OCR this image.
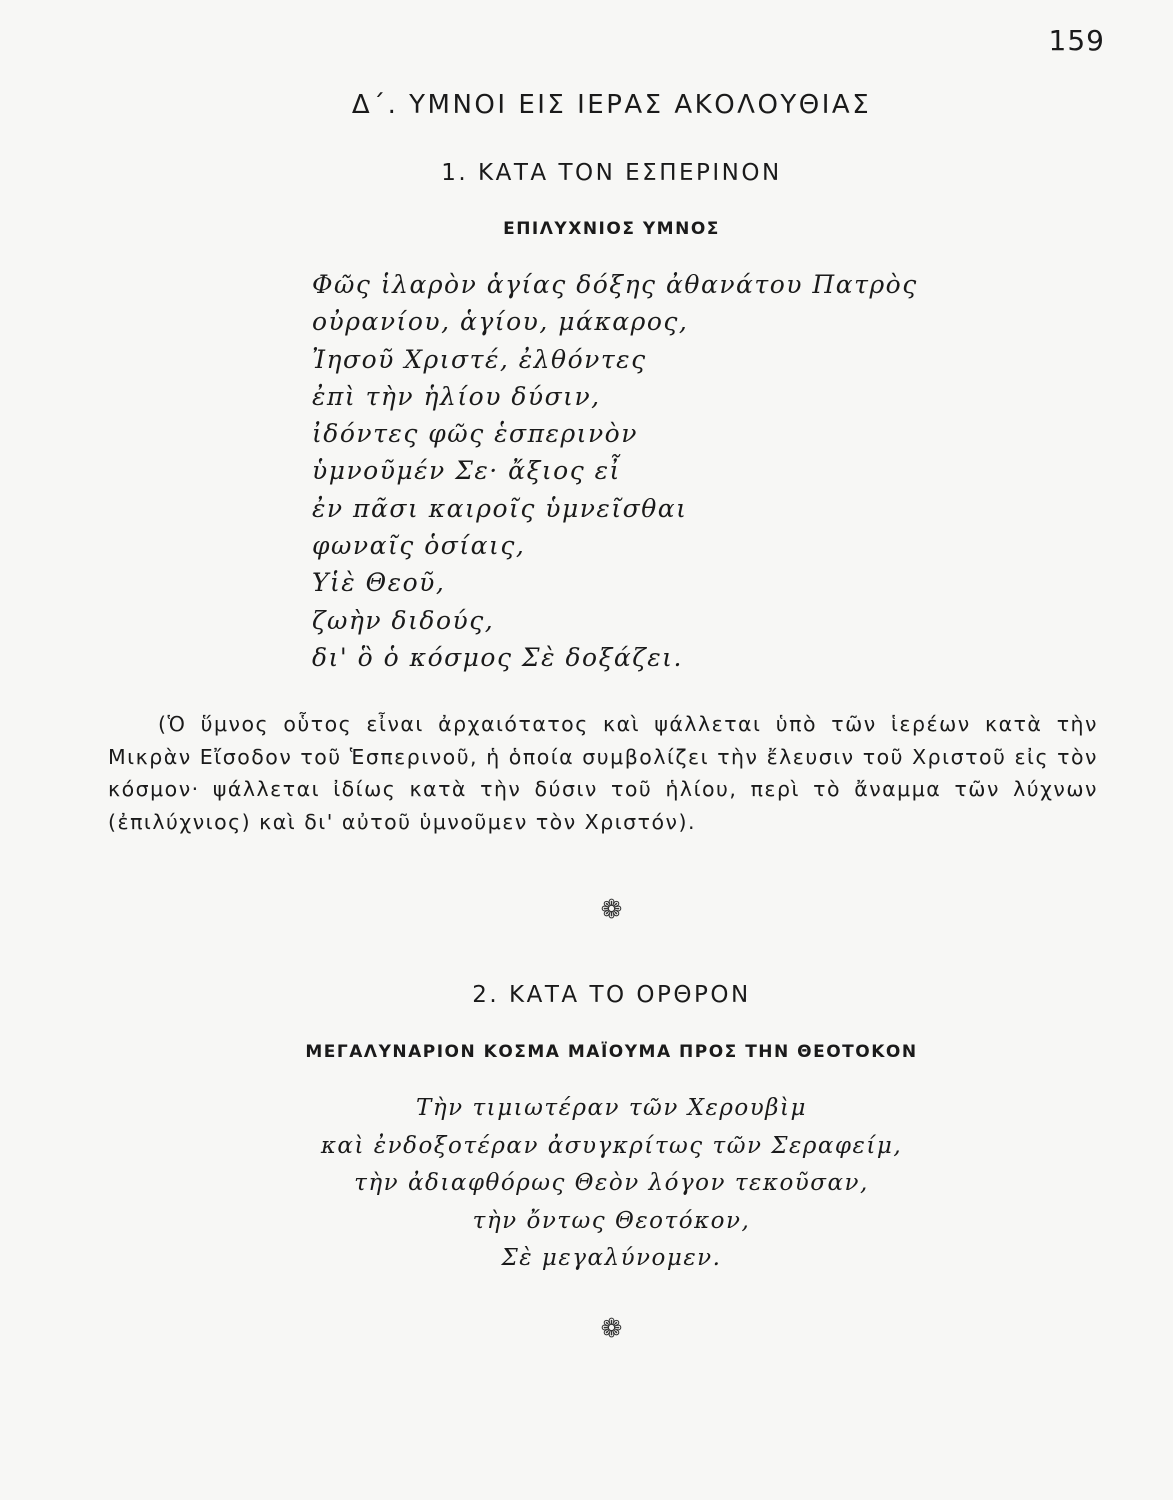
159
Δ΄. ΥΜΝΟΙ ΕΙΣ ΙΕΡΑΣ ΑΚΟΛΟΥΘΙΑΣ
1. ΚΑΤΑ ΤΟΝ ΕΣΠΕΡΙΝΟΝ
ΕΠΙΛΥΧΝΙΟΣ ΥΜΝΟΣ
Φῶς ἱλαρὸν ἁγίας δόξης ἀθανάτου Πατρὸς
οὐρανίου, ἁγίου, μάκαρος,
Ἰησοῦ Χριστέ, ἐλθόντες
ἐπὶ τὴν ἡλίου δύσιν,
ἰδόντες φῶς ἑσπερινὸν
ὑμνοῦμέν Σε· ἄξιος εἶ
ἐν πᾶσι καιροῖς ὑμνεῖσθαι
φωναῖς ὁσίαις,
Υἱὲ Θεοῦ,
ζωὴν διδούς,
δι' ὃ ὁ κόσμος Σὲ δοξάζει.
(Ὁ ὕμνος οὗτος εἶναι ἀρχαιότατος καὶ ψάλλεται ὑπὸ τῶν ἱερέων κατὰ τὴν Μικρὰν Εἴσοδον τοῦ Ἑσπερινοῦ, ἡ ὁποία συμβολίζει τὴν ἔλευσιν τοῦ Χριστοῦ εἰς τὸν κόσμον· ψάλλεται ἰδίως κατὰ τὴν δύσιν τοῦ ἡλίου, περὶ τὸ ἄναμμα τῶν λύχνων (ἐπιλύχνιος) καὶ δι' αὐτοῦ ὑμνοῦμεν τὸν Χριστόν).
❁
2. ΚΑΤΑ ΤΟ ΟΡΘΡΟΝ
ΜΕΓΑΛΥΝΑΡΙΟΝ ΚΟΣΜΑ ΜΑΪΟΥΜΑ ΠΡΟΣ ΤΗΝ ΘΕΟΤΟΚΟΝ
Τὴν τιμιωτέραν τῶν Χερουβὶμ
καὶ ἐνδοξοτέραν ἀσυγκρίτως τῶν Σεραφείμ,
τὴν ἀδιαφθόρως Θεὸν λόγον τεκοῦσαν,
τὴν ὄντως Θεοτόκον,
Σὲ μεγαλύνομεν.
❁
